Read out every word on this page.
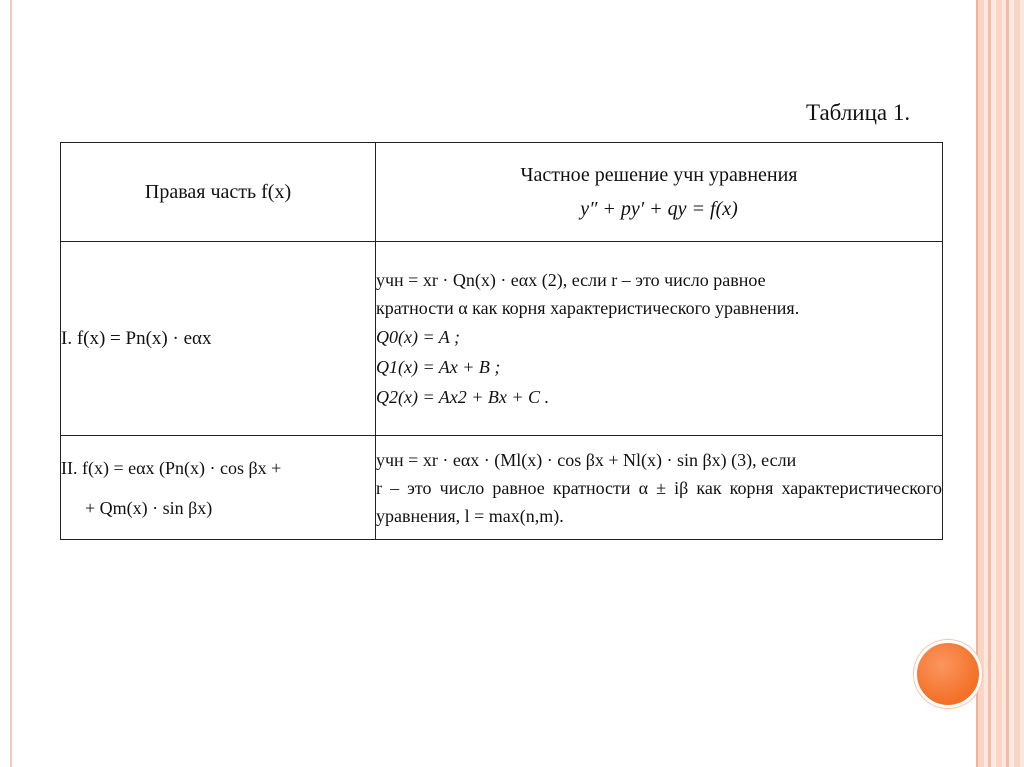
Таблица 1.
Правая часть f(x)	Частное решение yчн уравнения
y″ + py′ + qy = f(x)

I. f(x) = Pn(x) · eαx	yчн = xr · Qn(x) · eαx (2), если r – это число равное
кратности α как корня характеристического уравнения.
Q0(x) = A ;
Q1(x) = Ax + B ;
Q2(x) = Ax2 + Bx + C .

II. f(x) = eαx (Pn(x) · cos βx +
+ Qm(x) · sin βx)	yчн = xr · eαx · (Ml(x) · cos βx + Nl(x) · sin βx) (3), если
r – это число равное кратности α ± iβ как корня характеристического уравнения, l = max(n,m).
